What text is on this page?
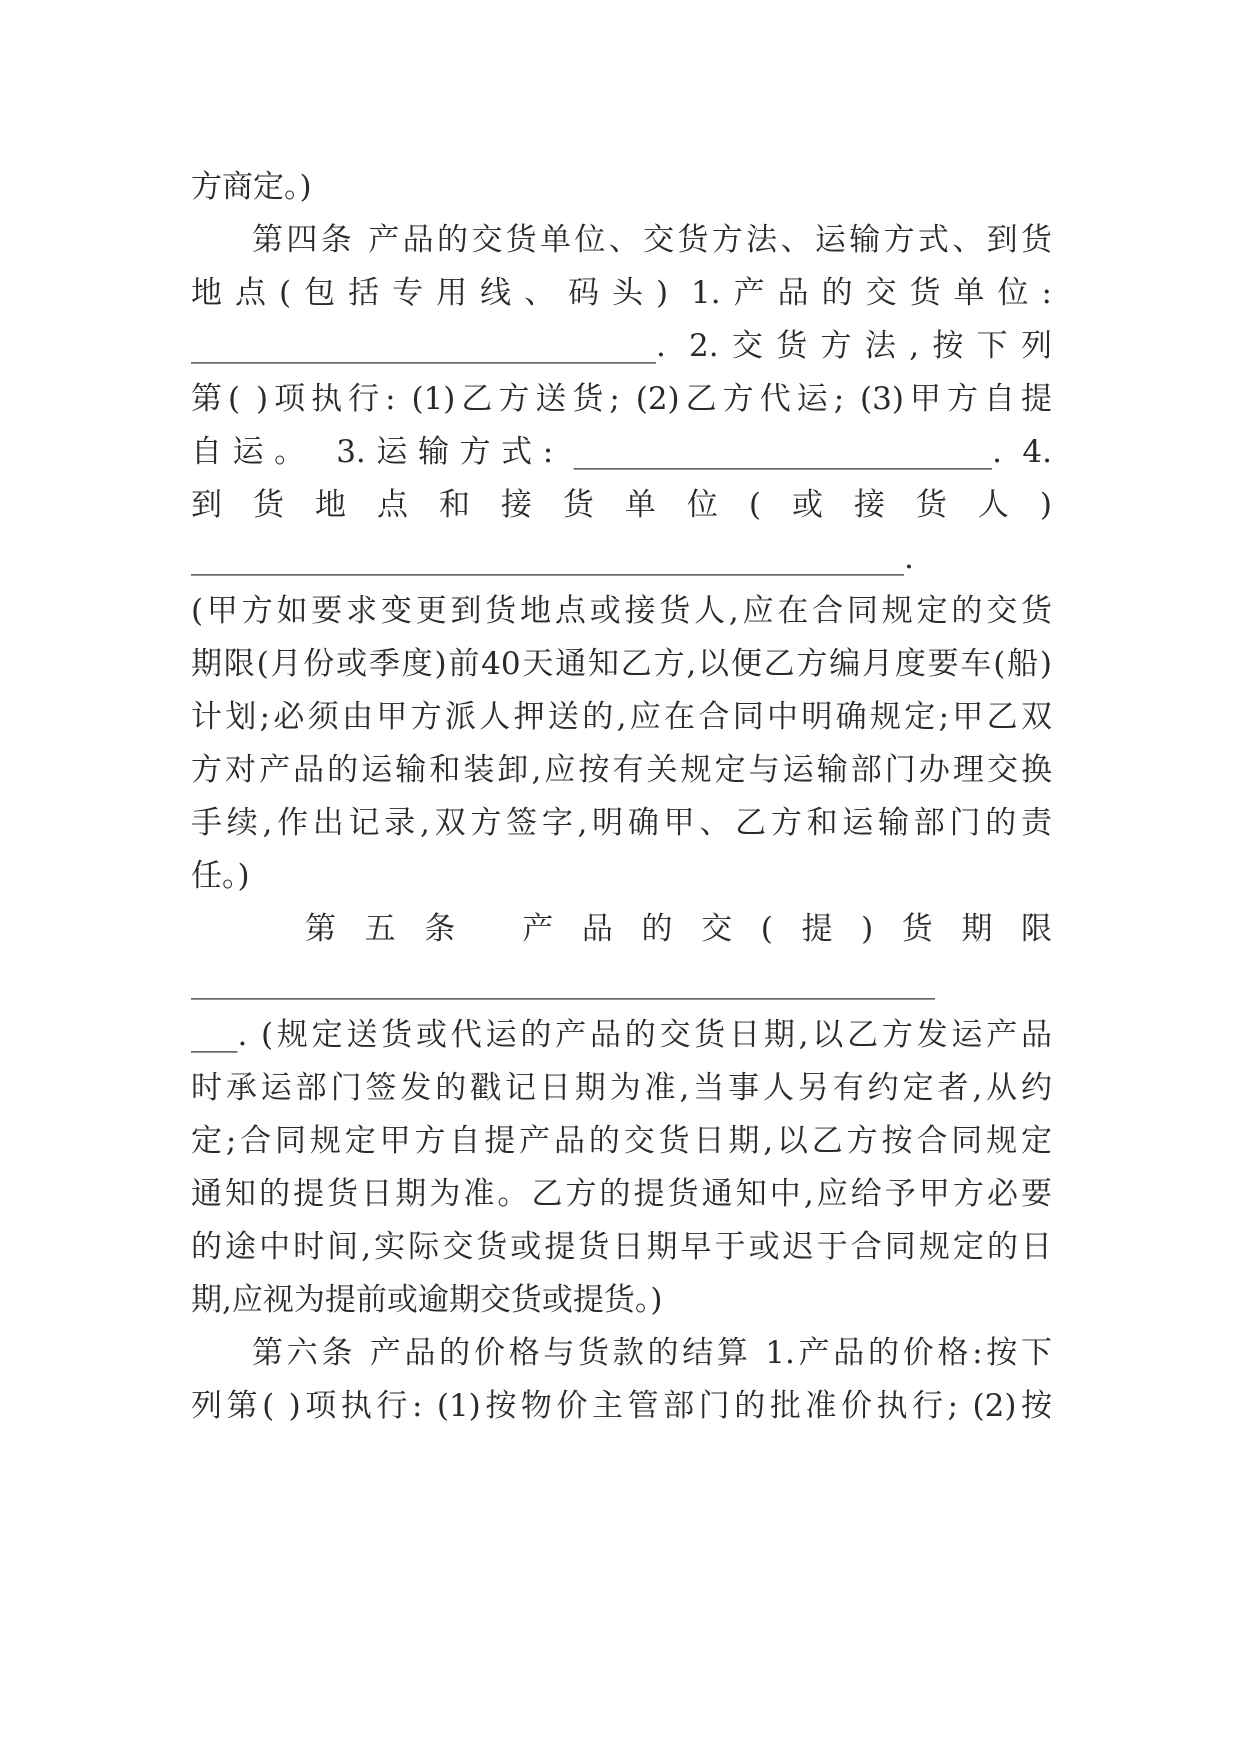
方商定。)
第四条 产品的交货单位、交货方法、运输方式、到货
地点(包括专用线、码头) 1.产品的交货单位:
______________________________. 2.交货方法,按下列
第( )项执行: (1)乙方送货; (2)乙方代运; (3)甲方自提
自运。 3.运输方式: ___________________________. 4.
到货地点和接货单位(或接货人)
______________________________________________.
(甲方如要求变更到货地点或接货人,应在合同规定的交货
期限(月份或季度)前40天通知乙方,以便乙方编月度要车(船)
计划;必须由甲方派人押送的,应在合同中明确规定;甲乙双
方对产品的运输和装卸,应按有关规定与运输部门办理交换
手续,作出记录,双方签字,明确甲、乙方和运输部门的责
任。)
第五条 产品的交(提)货期限
________________________________________________
___. (规定送货或代运的产品的交货日期,以乙方发运产品
时承运部门签发的戳记日期为准,当事人另有约定者,从约
定;合同规定甲方自提产品的交货日期,以乙方按合同规定
通知的提货日期为准。乙方的提货通知中,应给予甲方必要
的途中时间,实际交货或提货日期早于或迟于合同规定的日
期,应视为提前或逾期交货或提货。)
第六条 产品的价格与货款的结算 1.产品的价格:按下
列第( )项执行: (1)按物价主管部门的批准价执行; (2)按
